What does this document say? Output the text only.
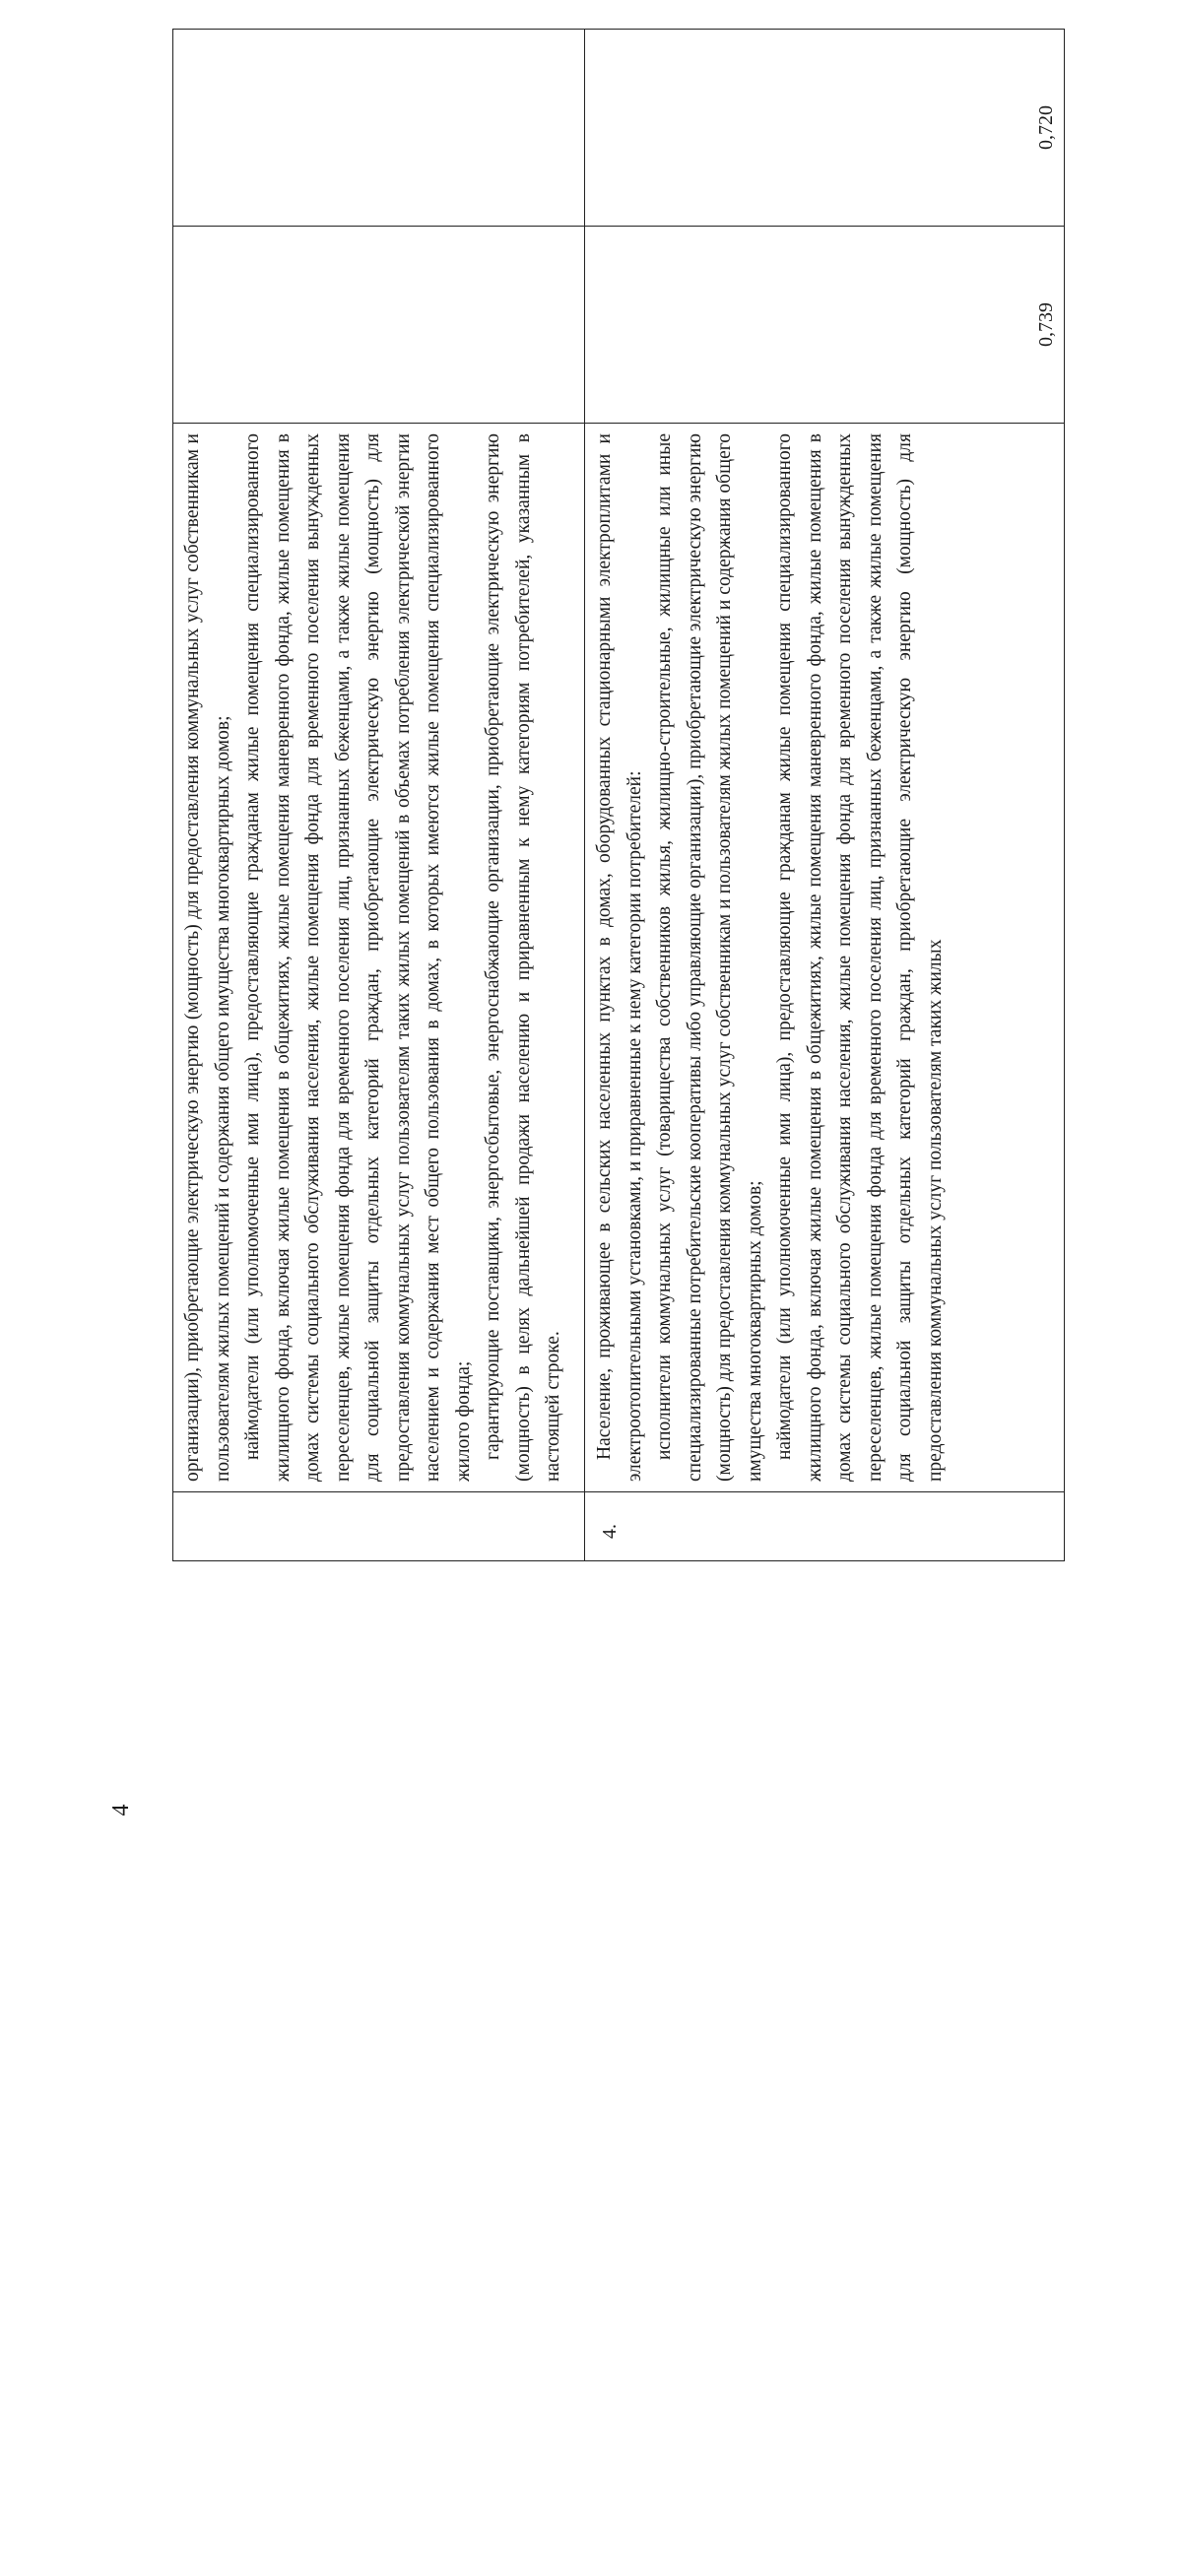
4

	организации), приобретающие электрическую энергию (мощность) для предоставления коммунальных услуг собственникам и пользователям жилых помещений и содержания общего имущества многоквартирных домов; наймодатели (или уполномоченные ими лица), предоставляющие гражданам жилые помещения специализированного жилищного фонда, включая жилые помещения в общежитиях, жилые помещения маневренного фонда, жилые помещения в домах системы социального обслуживания населения, жилые помещения фонда для временного поселения вынужденных переселенцев, жилые помещения фонда для временного поселения лиц, признанных беженцами, а также жилые помещения для социальной защиты отдельных категорий граждан, приобретающие электрическую энергию (мощность) для предоставления коммунальных услуг пользователям таких жилых помещений в объемах потребления электрической энергии населением и содержания мест общего пользования в домах, в которых имеются жилые помещения специализированного жилого фонда; гарантирующие поставщики, энергосбытовые, энергоснабжающие организации, приобретающие электрическую энергию (мощность) в целях дальнейшей продажи населению и приравненным к нему категориям потребителей, указанным в настоящей строке.		

4.	Население, проживающее в сельских населенных пунктах в домах, оборудованных стационарными электроплитами и электроотопительными установками, и приравненные к нему категории потребителей: исполнители коммунальных услуг (товарищества собственников жилья, жилищно-строительные, жилищные или иные специализированные потребительские кооперативы либо управляющие организации), приобретающие электрическую энергию (мощность) для предоставления коммунальных услуг собственникам и пользователям жилых помещений и содержания общего имущества многоквартирных домов; наймодатели (или уполномоченные ими лица), предоставляющие гражданам жилые помещения специализированного жилищного фонда, включая жилые помещения в общежитиях, жилые помещения маневренного фонда, жилые помещения в домах системы социального обслуживания населения, жилые помещения фонда для временного поселения вынужденных переселенцев, жилые помещения фонда для временного поселения лиц, признанных беженцами, а также жилые помещения для социальной защиты отдельных категорий граждан, приобретающие электрическую энергию (мощность) для предоставления коммунальных услуг пользователям таких жилых	0,739	0,720
